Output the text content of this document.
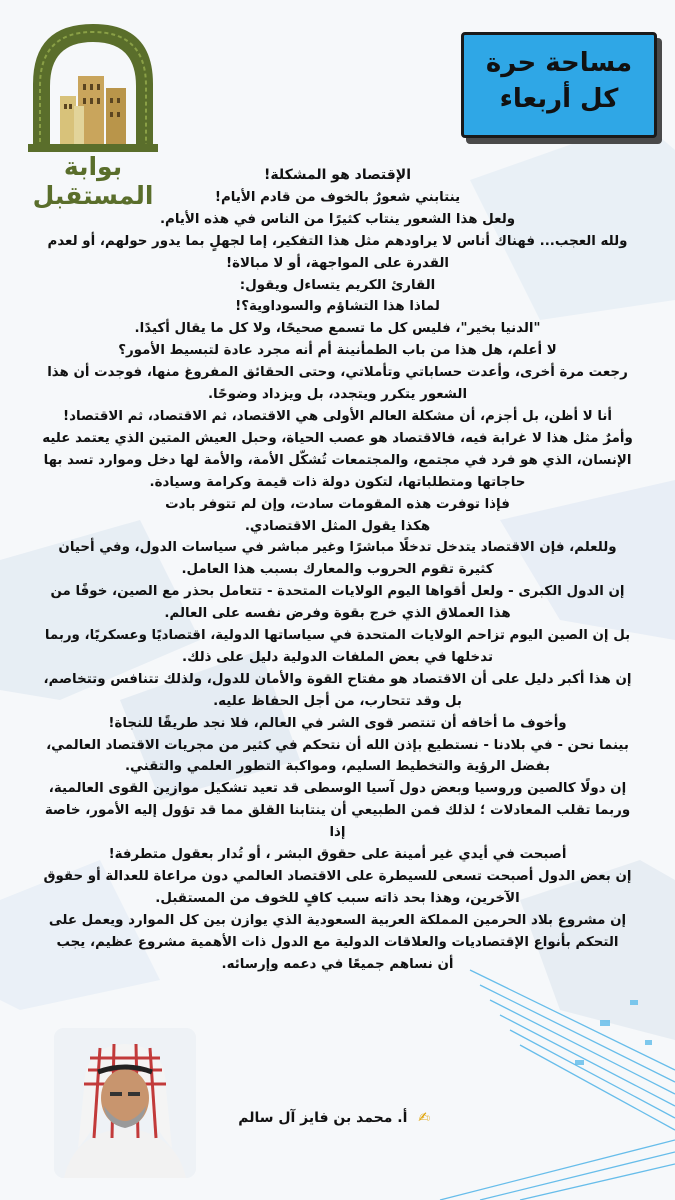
بوابة المستقبل
مساحة حرة
كل أربعاء

الإقتصاد هو المشكلة!

ينتابني شعورٌ بالخوف من قادم الأيام!

ولعل هذا الشعور ينتاب كثيرًا من الناس في هذه الأيام.

ولله العجب... فهناك أناس لا يراودهم مثل هذا التفكير، إما لجهلٍ بما يدور حولهم، أو لعدم

القدرة على المواجهة، أو لا مبالاة!

القارئ الكريم يتساءل ويقول:

لماذا هذا التشاؤم والسوداوية؟!

"الدنيا بخير"، فليس كل ما تسمع صحيحًا، ولا كل ما يقال أكيدًا.

لا أعلم، هل هذا من باب الطمأنينة أم أنه مجرد عادة لتبسيط الأمور؟

رجعت مرة أخرى، وأعدت حساباتي وتأملاتي، وحتى الحقائق المفروغ منها، فوجدت أن هذا

الشعور يتكرر ويتجدد، بل ويزداد وضوحًا.

أنا لا أظن، بل أجزم، أن مشكلة العالم الأولى هي الاقتصاد، ثم الاقتصاد، ثم الاقتصاد!

وأمرٌ مثل هذا لا غرابة فيه، فالاقتصاد هو عصب الحياة، وحبل العيش المتين الذي يعتمد عليه

الإنسان، الذي هو فرد في مجتمع، والمجتمعات تُشكّل الأمة، والأمة لها دخل وموارد تسد بها

حاجاتها ومتطلباتها، لتكون دولة ذات قيمة وكرامة وسيادة.

فإذا توفرت هذه المقومات سادت، وإن لم تتوفر بادت

هكذا يقول المثل الاقتصادي.

وللعلم، فإن الاقتصاد يتدخل تدخلًا مباشرًا وغير مباشر في سياسات الدول، وفي أحيان

كثيرة تقوم الحروب والمعارك بسبب هذا العامل.

إن الدول الكبرى - ولعل أقواها اليوم الولايات المتحدة - تتعامل بحذر مع الصين، خوفًا من

هذا العملاق الذي خرج بقوة وفرض نفسه على العالم.

بل إن الصين اليوم تزاحم الولايات المتحدة في سياساتها الدولية، اقتصاديًا وعسكريًا، وربما

تدخلها في بعض الملفات الدولية دليل على ذلك.

إن هذا أكبر دليل على أن الاقتصاد هو مفتاح القوة والأمان للدول، ولذلك تتنافس وتتخاصم،

بل وقد تتحارب، من أجل الحفاظ عليه.

وأخوف ما أخافه أن تنتصر قوى الشر في العالم، فلا نجد طريقًا للنجاة!

بينما نحن - في بلادنا - نستطيع بإذن الله أن نتحكم في كثير من مجريات الاقتصاد العالمي،

بفضل الرؤية والتخطيط السليم، ومواكبة التطور العلمي والتقني.

إن دولًا كالصين وروسيا وبعض دول آسيا الوسطى قد تعيد تشكيل موازين القوى العالمية،

وربما تقلب المعادلات ؛ لذلك فمن الطبيعي أن ينتابنا القلق مما قد تؤول إليه الأمور، خاصة إذا

أصبحت في أيدي غير أمينة على حقوق البشر ، أو تُدار بعقول متطرفة!

إن بعض الدول أصبحت تسعى للسيطرة على الاقتصاد العالمي دون مراعاة للعدالة أو حقوق

الآخرين، وهذا بحد ذاته سبب كافٍ للخوف من المستقبل.

إن مشروع بلاد الحرمين المملكة العربية السعودية الذي يوازن بين كل الموارد ويعمل على

التحكم بأنواع الإقتصاديات والعلاقات الدولية مع الدول ذات الأهمية مشروع عظيم، يجب

أن نساهم جميعًا في دعمه وإرسائه.

✍ أ. محمد بن فايز آل سالم
